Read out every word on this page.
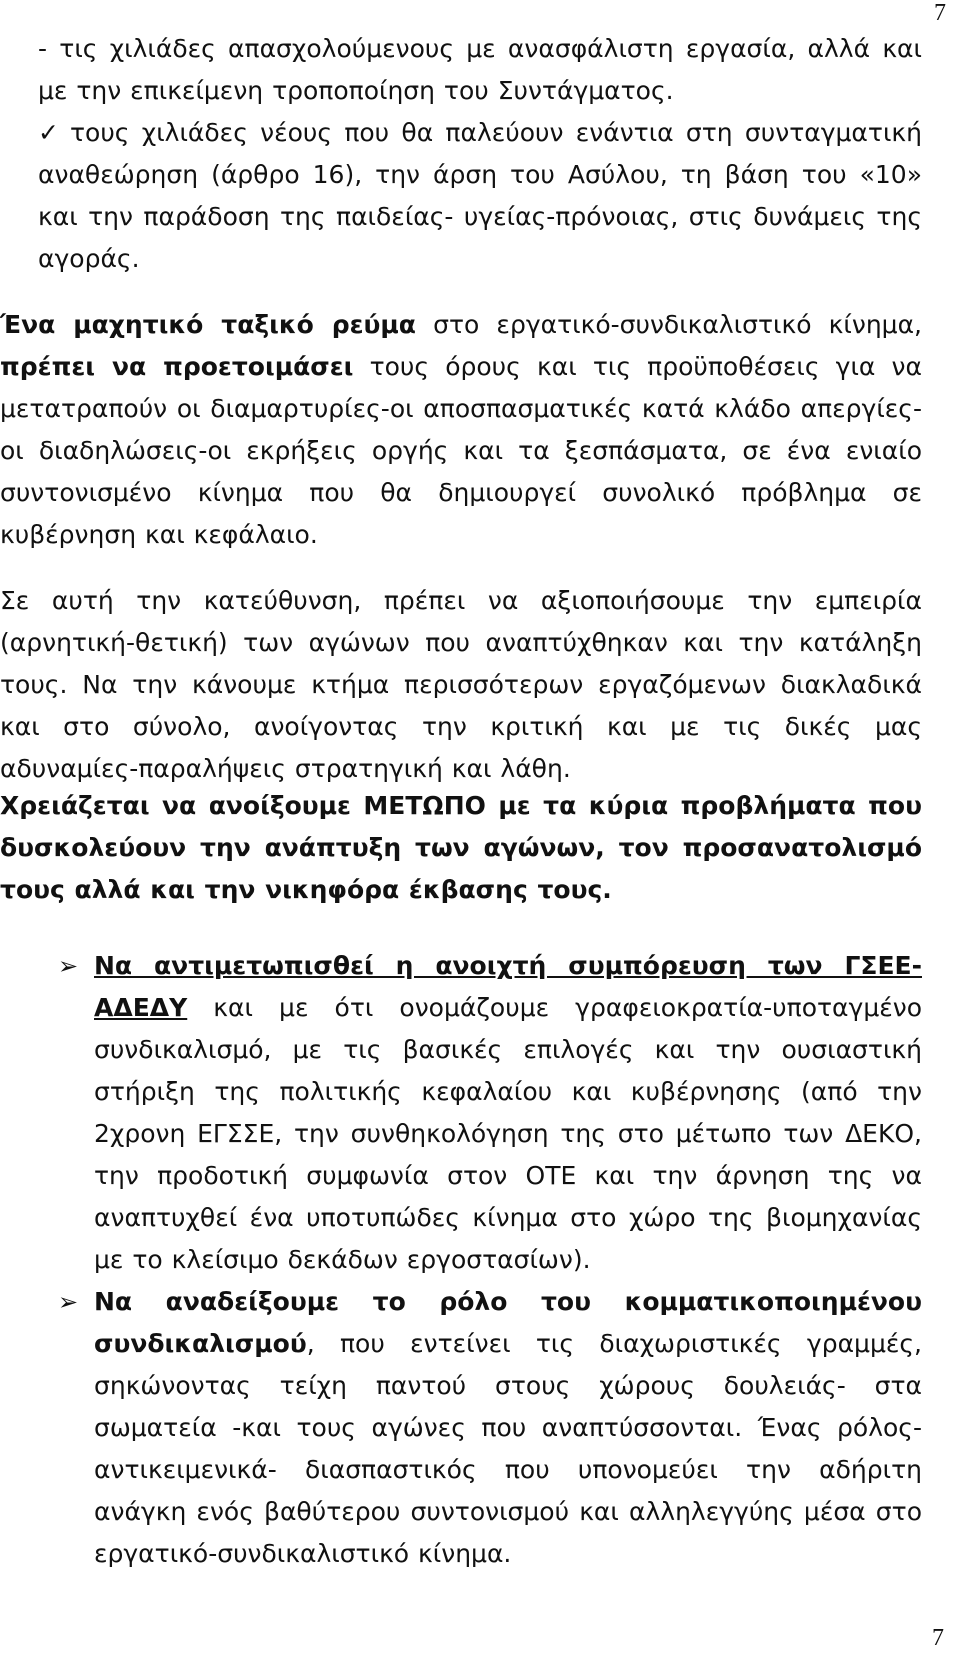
7
- τις χιλιάδες απασχολούμενους με ανασφάλιστη εργασία, αλλά και με την επικείμενη τροποποίηση του Συντάγματος.
✓ τους χιλιάδες νέους που θα παλεύουν ενάντια στη συνταγματική αναθεώρηση (άρθρο 16), την άρση του Ασύλου, τη βάση του «10» και την παράδοση της παιδείας- υγείας-πρόνοιας, στις δυνάμεις της αγοράς.
Ένα μαχητικό ταξικό ρεύμα στο εργατικό-συνδικαλιστικό κίνημα, πρέπει να προετοιμάσει τους όρους και τις προϋποθέσεις για να μετατραπούν οι διαμαρτυρίες-οι αποσπασματικές κατά κλάδο απεργίες- οι διαδηλώσεις-οι εκρήξεις οργής και τα ξεσπάσματα, σε ένα ενιαίο συντονισμένο κίνημα που θα δημιουργεί συνολικό πρόβλημα σε κυβέρνηση και κεφάλαιο.
Σε αυτή την κατεύθυνση, πρέπει να αξιοποιήσουμε την εμπειρία (αρνητική-θετική) των αγώνων που αναπτύχθηκαν και την κατάληξη τους. Να την κάνουμε κτήμα περισσότερων εργαζόμενων διακλαδικά και στο σύνολο, ανοίγοντας την κριτική και με τις δικές μας αδυναμίες-παραλήψεις στρατηγική και λάθη.
Χρειάζεται να ανοίξουμε ΜΕΤΩΠΟ με τα κύρια προβλήματα που δυσκολεύουν την ανάπτυξη των αγώνων, τον προσανατολισμό τους αλλά και την νικηφόρα έκβασης τους.
➢ Να αντιμετωπισθεί η ανοιχτή συμπόρευση των ΓΣΕΕ-ΑΔΕΔΥ και με ότι ονομάζουμε γραφειοκρατία-υποταγμένο συνδικαλισμό, με τις βασικές επιλογές και την ουσιαστική στήριξη της πολιτικής κεφαλαίου και κυβέρνησης (από την 2χρονη ΕΓΣΣΕ, την συνθηκολόγηση της στο μέτωπο των ΔΕΚΟ, την προδοτική συμφωνία στον ΟΤΕ και την άρνηση της να αναπτυχθεί ένα υποτυπώδες κίνημα στο χώρο της βιομηχανίας με το κλείσιμο δεκάδων εργοστασίων).
➢ Να αναδείξουμε το ρόλο του κομματικοποιημένου συνδικαλισμού, που εντείνει τις διαχωριστικές γραμμές, σηκώνοντας τείχη παντού στους χώρους δουλειάς- στα σωματεία -και τους αγώνες που αναπτύσσονται. Ένας ρόλος-αντικειμενικά- διασπαστικός που υπονομεύει την αδήριτη ανάγκη ενός βαθύτερου συντονισμού και αλληλεγγύης μέσα στο εργατικό-συνδικαλιστικό κίνημα.
7
